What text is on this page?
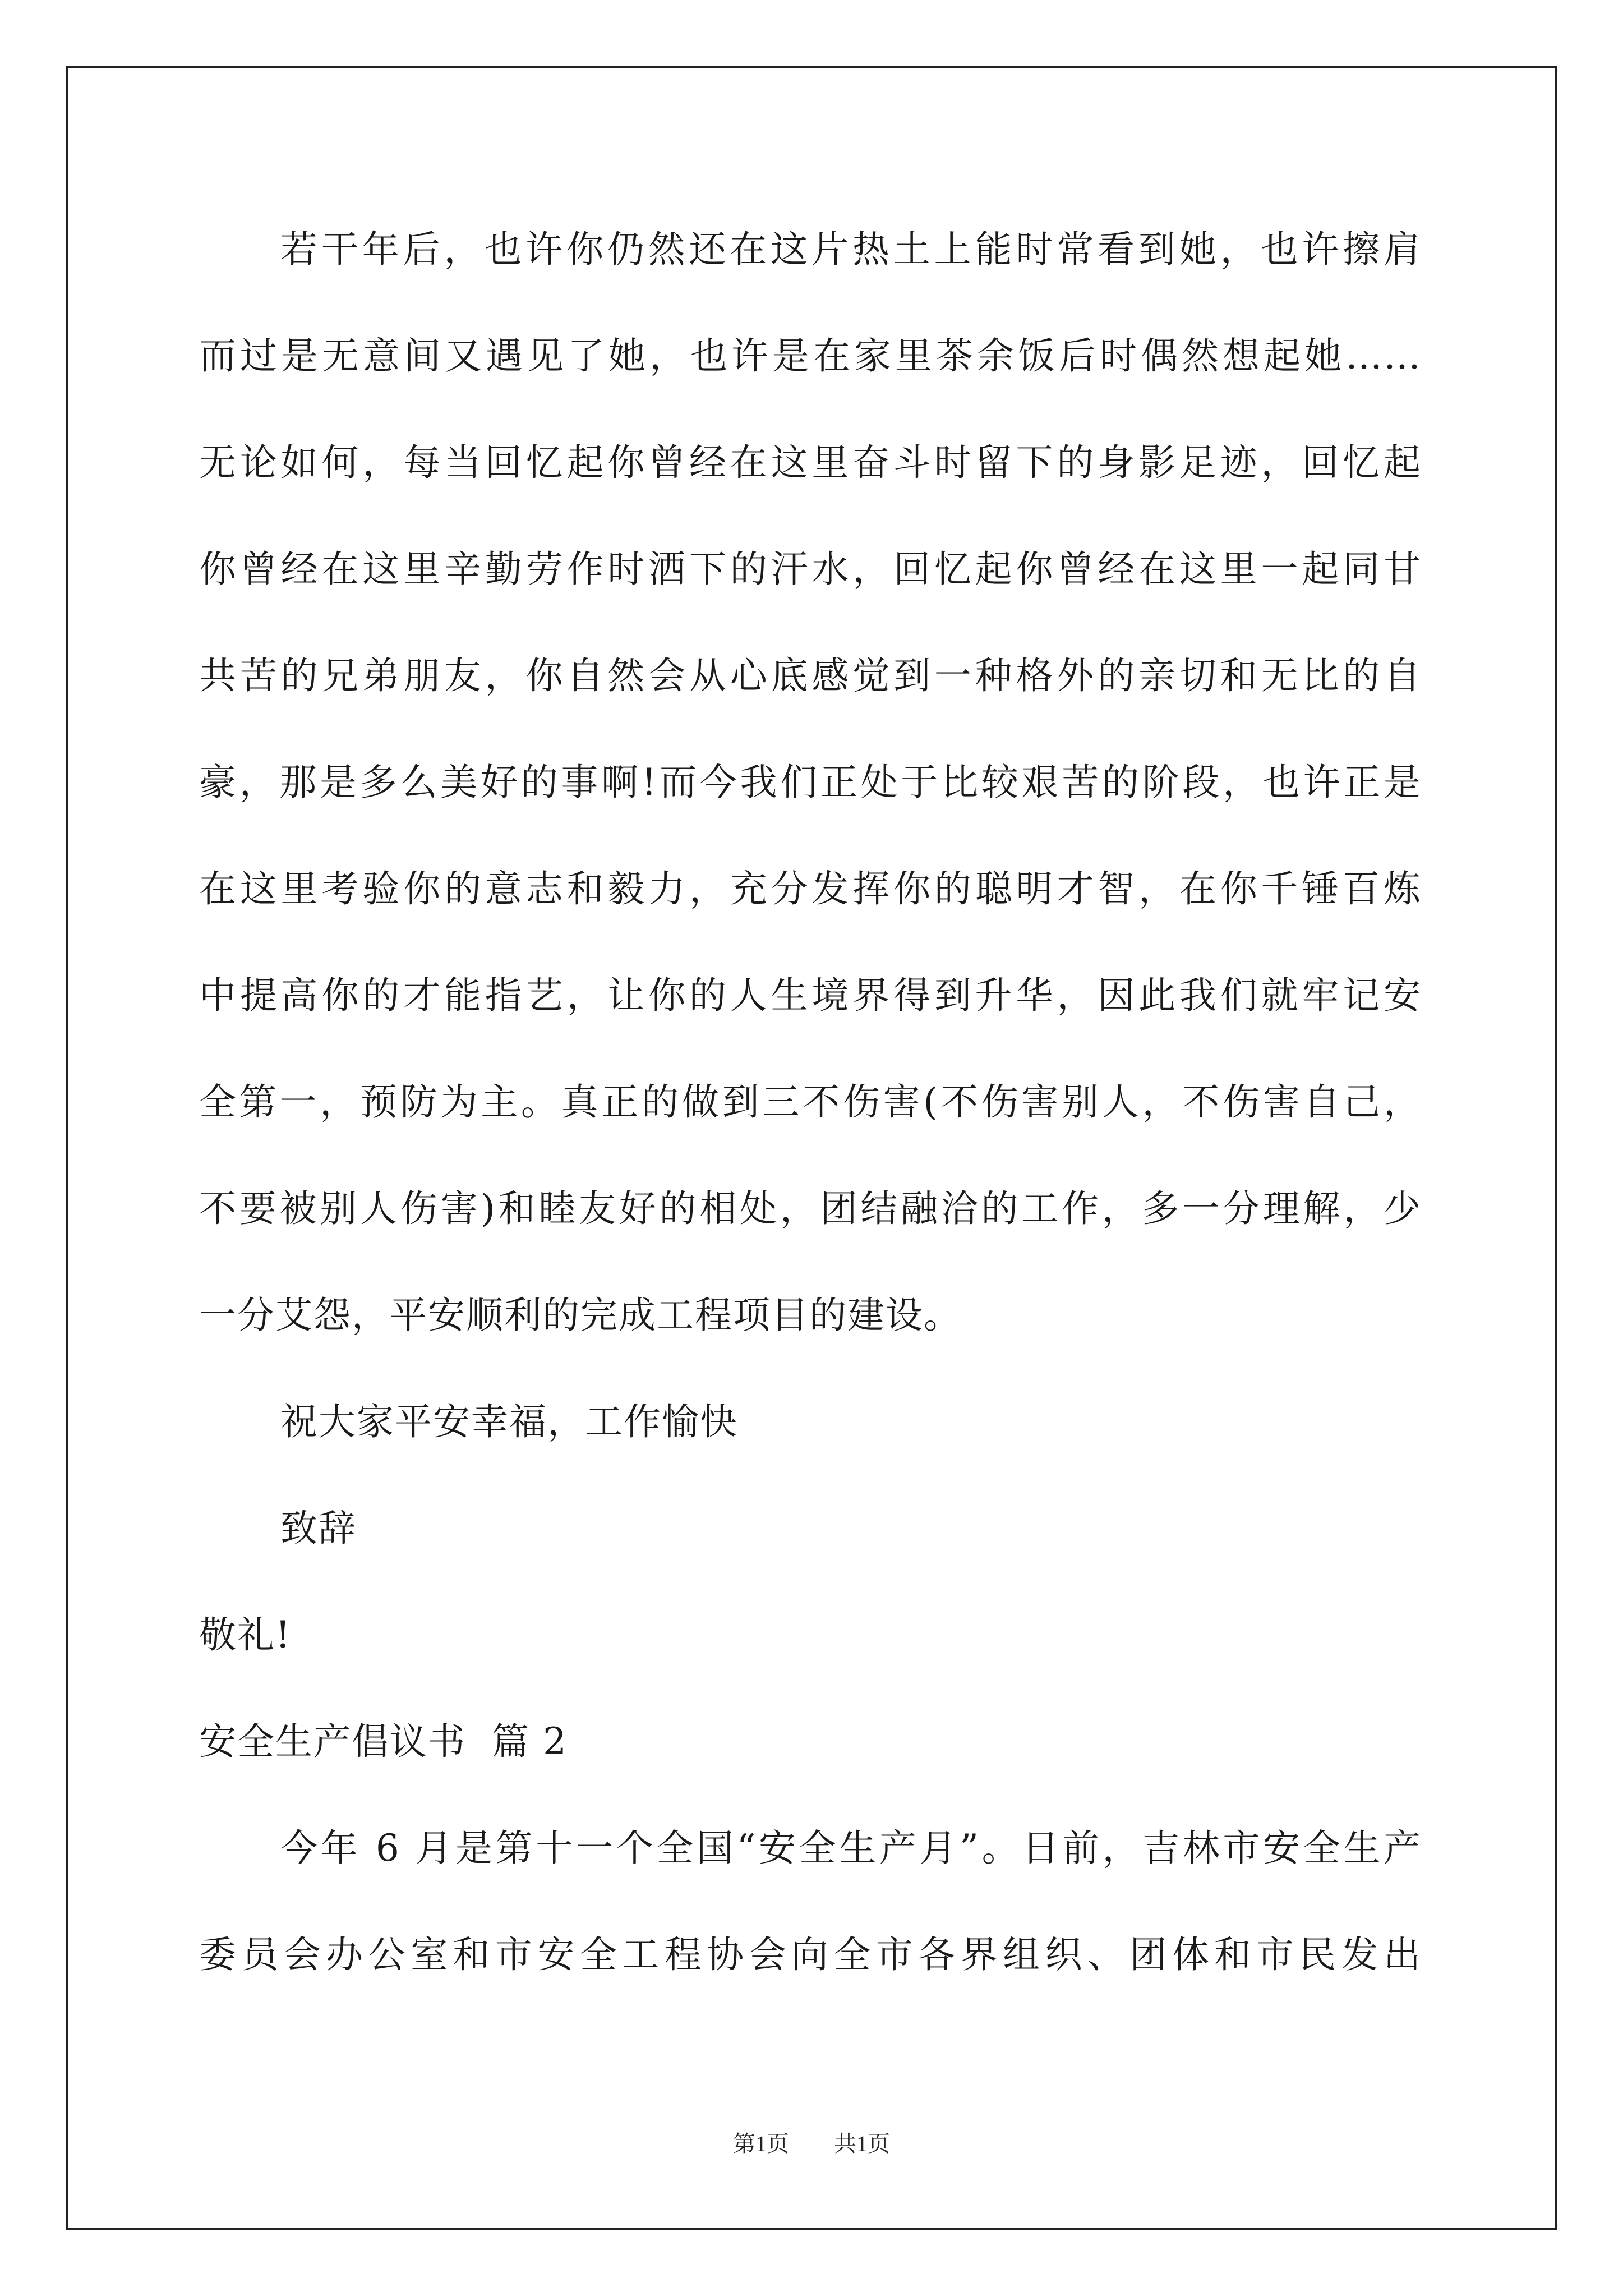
若干年后，也许你仍然还在这片热土上能时常看到她，也许擦肩
而过是无意间又遇见了她，也许是在家里茶余饭后时偶然想起她……
无论如何，每当回忆起你曾经在这里奋斗时留下的身影足迹，回忆起
你曾经在这里辛勤劳作时洒下的汗水，回忆起你曾经在这里一起同甘
共苦的兄弟朋友，你自然会从心底感觉到一种格外的亲切和无比的自
豪，那是多么美好的事啊!而今我们正处于比较艰苦的阶段，也许正是
在这里考验你的意志和毅力，充分发挥你的聪明才智，在你千锤百炼
中提高你的才能指艺，让你的人生境界得到升华，因此我们就牢记安
全第一，预防为主。真正的做到三不伤害(不伤害别人，不伤害自己，
不要被别人伤害)和睦友好的相处，团结融洽的工作，多一分理解，少
一分艾怨，平安顺利的完成工程项目的建设。
祝大家平安幸福，工作愉快
致辞
敬礼!
安全生产倡议书  篇 2
今年 6 月是第十一个全国“安全生产月”。日前，吉林市安全生产
委员会办公室和市安全工程协会向全市各界组织、团体和市民发出
第1页 共1页
